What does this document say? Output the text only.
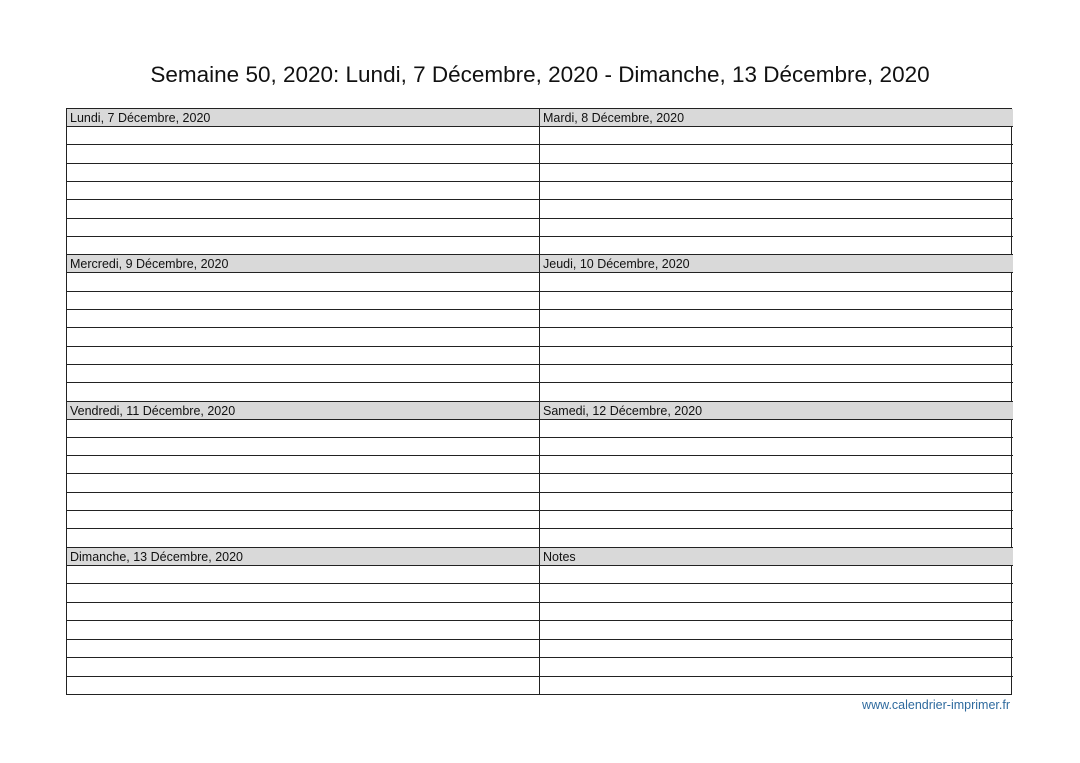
Semaine 50, 2020: Lundi, 7 Décembre, 2020 - Dimanche, 13 Décembre, 2020
Lundi, 7 Décembre, 2020	Mardi, 8 Décembre, 2020
Mercredi, 9 Décembre, 2020	Jeudi, 10 Décembre, 2020
Vendredi, 11 Décembre, 2020	Samedi, 12 Décembre, 2020
Dimanche, 13 Décembre, 2020	Notes
www.calendrier-imprimer.fr
